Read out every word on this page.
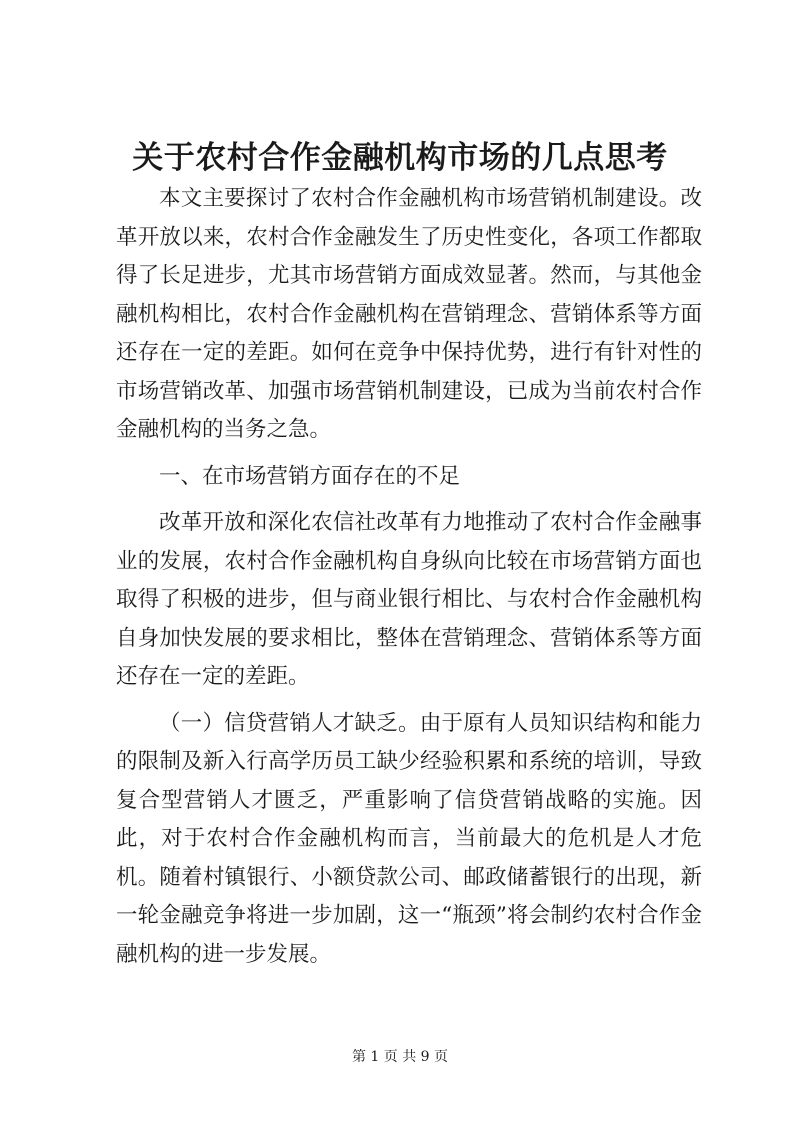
关于农村合作金融机构市场的几点思考

本文主要探讨了农村合作金融机构市场营销机制建设。改革开放以来，农村合作金融发生了历史性变化，各项工作都取得了长足进步，尤其市场营销方面成效显著。然而，与其他金融机构相比，农村合作金融机构在营销理念、营销体系等方面还存在一定的差距。如何在竞争中保持优势，进行有针对性的市场营销改革、加强市场营销机制建设，已成为当前农村合作金融机构的当务之急。

一、在市场营销方面存在的不足

改革开放和深化农信社改革有力地推动了农村合作金融事业的发展，农村合作金融机构自身纵向比较在市场营销方面也取得了积极的进步，但与商业银行相比、与农村合作金融机构自身加快发展的要求相比，整体在营销理念、营销体系等方面还存在一定的差距。

（一）信贷营销人才缺乏。由于原有人员知识结构和能力的限制及新入行高学历员工缺少经验积累和系统的培训，导致复合型营销人才匮乏，严重影响了信贷营销战略的实施。因此，对于农村合作金融机构而言，当前最大的危机是人才危机。随着村镇银行、小额贷款公司、邮政储蓄银行的出现，新一轮金融竞争将进一步加剧，这一“瓶颈”将会制约农村合作金融机构的进一步发展。

第 1 页 共 9 页
